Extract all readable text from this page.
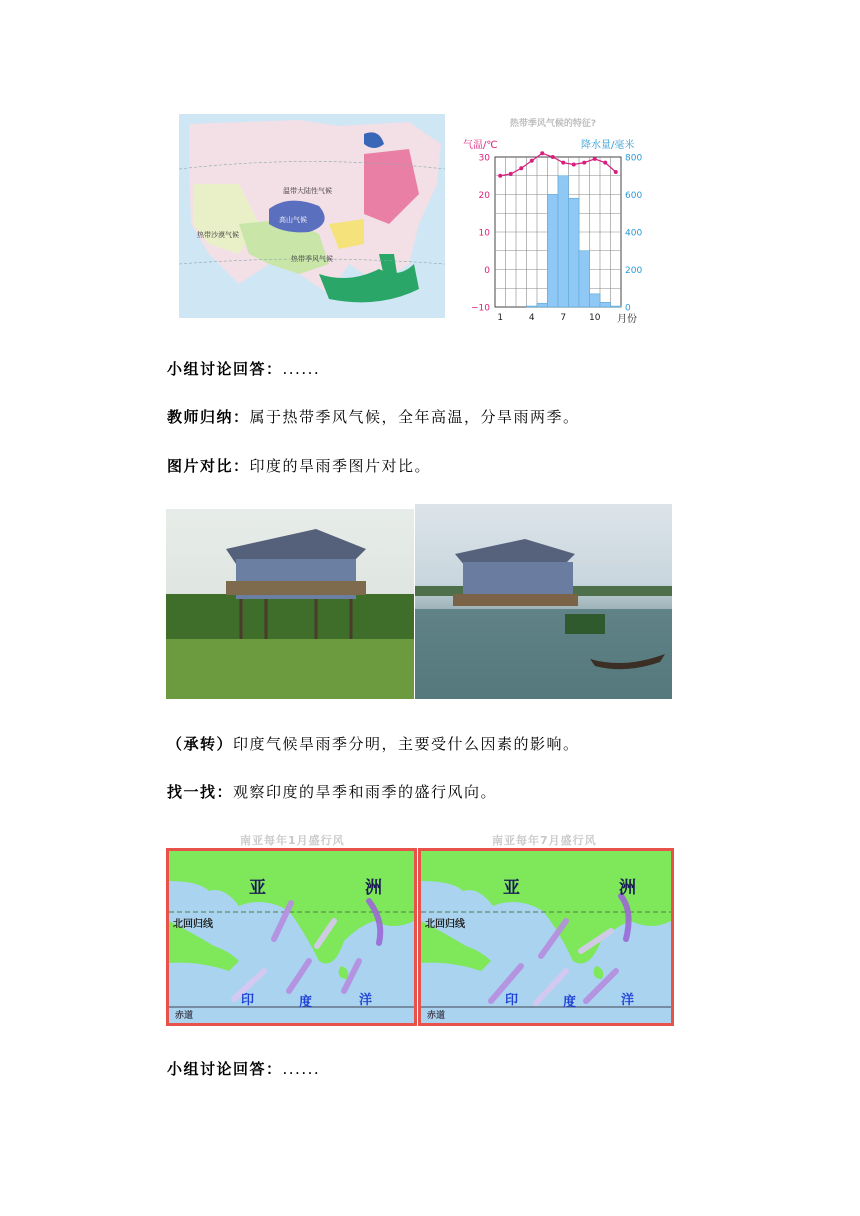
温带大陆性气候
热带季风气候
高山气候
热带沙漠气候
热带季风气候的特征?
气温/℃	降水量/毫米
30
20
10
0
−10
800
600
400
200
0
1	4	7	10 月份
小组讨论回答：......
教师归纳：属于热带季风气候，全年高温，分旱雨两季。
图片对比：印度的旱雨季图片对比。
（承转）印度气候旱雨季分明，主要受什么因素的影响。
找一找：观察印度的旱季和雨季的盛行风向。
南亚每年1月盛行风	南亚每年7月盛行风
亚	洲
北回归线
印	度	洋
赤道
亚	洲
北回归线
印	度	洋
赤道
小组讨论回答：......
